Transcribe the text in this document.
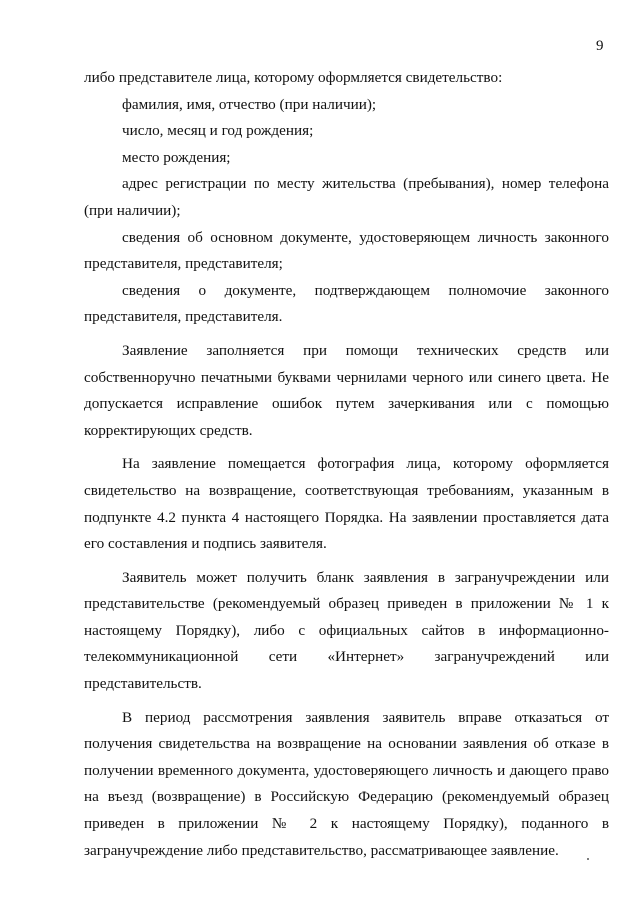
9

либо представителе лица, которому оформляется свидетельство:

фамилия, имя, отчество (при наличии);

число, месяц и год рождения;

место рождения;

адрес регистрации по месту жительства (пребывания), номер телефона (при наличии);

сведения об основном документе, удостоверяющем личность законного представителя, представителя;

сведения о документе, подтверждающем полномочие законного представителя, представителя.

Заявление заполняется при помощи технических средств или собственноручно печатными буквами чернилами черного или синего цвета. Не допускается исправление ошибок путем зачеркивания или с помощью корректирующих средств.

На заявление помещается фотография лица, которому оформляется свидетельство на возвращение, соответствующая требованиям, указанным в подпункте 4.2 пункта 4 настоящего Порядка. На заявлении проставляется дата его составления и подпись заявителя.

Заявитель может получить бланк заявления в загранучреждении или представительстве (рекомендуемый образец приведен в приложении № 1 к настоящему Порядку), либо с официальных сайтов в информационно-телекоммуникационной сети «Интернет» загранучреждений или представительств.

В период рассмотрения заявления заявитель вправе отказаться от получения свидетельства на возвращение на основании заявления об отказе в получении временного документа, удостоверяющего личность и дающего право на въезд (возвращение) в Российскую Федерацию (рекомендуемый образец приведен в приложении № 2 к настоящему Порядку), поданного в загранучреждение либо представительство, рассматривающее заявление.
